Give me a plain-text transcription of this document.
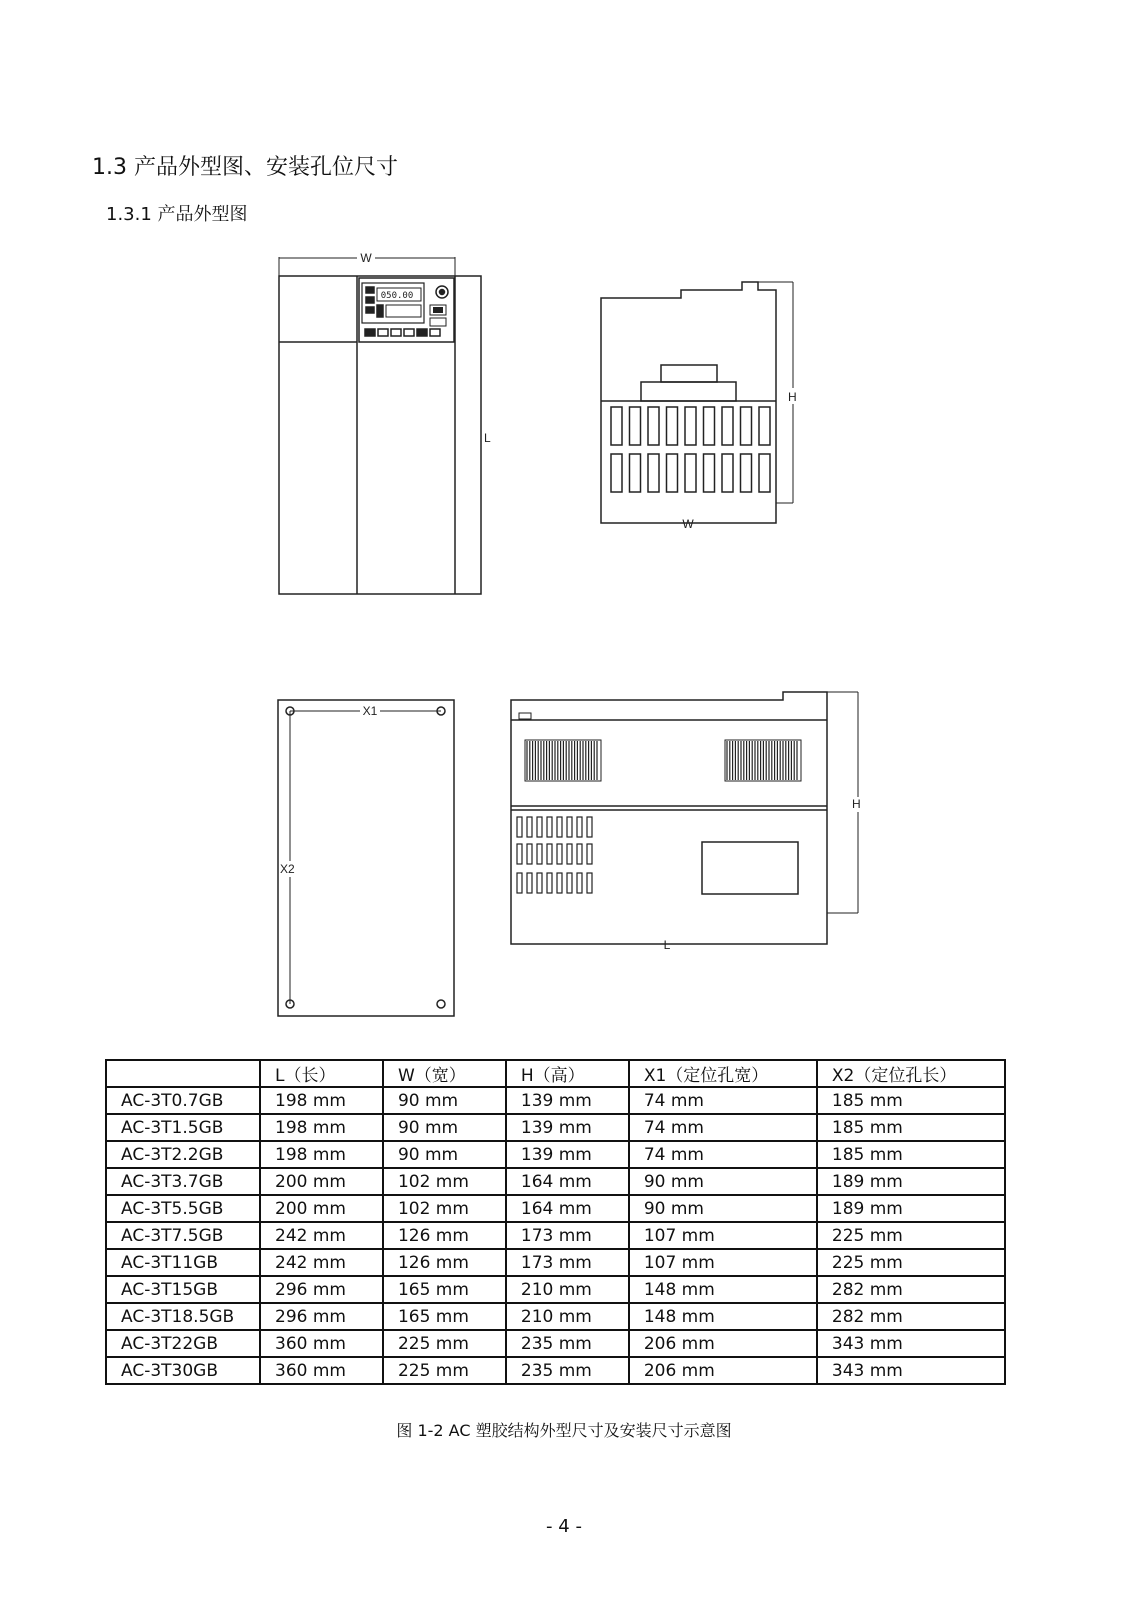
1.3 产品外型图、安装孔位尺寸
1.3.1 产品外型图
W
L
H
W
X1
X2
H
L
050.00
	L（长）	W（宽）	H（高）	X1（定位孔宽）	X2（定位孔长）
AC-3T0.7GB	198 mm	90 mm	139 mm	74 mm	185 mm
AC-3T1.5GB	198 mm	90 mm	139 mm	74 mm	185 mm
AC-3T2.2GB	198 mm	90 mm	139 mm	74 mm	185 mm
AC-3T3.7GB	200 mm	102 mm	164 mm	90 mm	189 mm
AC-3T5.5GB	200 mm	102 mm	164 mm	90 mm	189 mm
AC-3T7.5GB	242 mm	126 mm	173 mm	107 mm	225 mm
AC-3T11GB	242 mm	126 mm	173 mm	107 mm	225 mm
AC-3T15GB	296 mm	165 mm	210 mm	148 mm	282 mm
AC-3T18.5GB	296 mm	165 mm	210 mm	148 mm	282 mm
AC-3T22GB	360 mm	225 mm	235 mm	206 mm	343 mm
AC-3T30GB	360 mm	225 mm	235 mm	206 mm	343 mm
图 1-2 AC 塑胶结构外型尺寸及安装尺寸示意图
- 4 -
